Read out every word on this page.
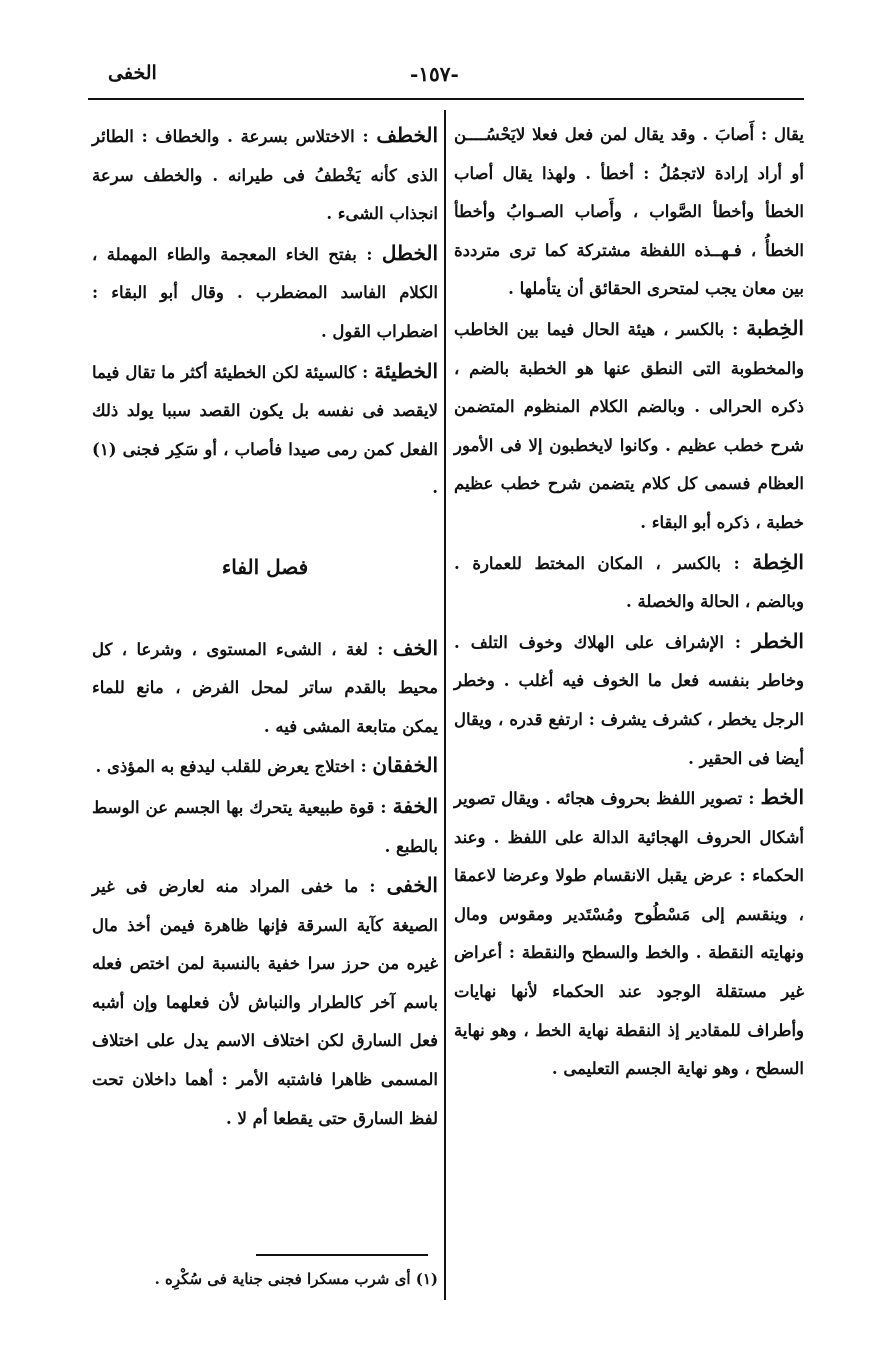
الخفى	-١٥٧-

يقال : أَصابَ . وقد يقال لمن فعل فعلا لايَحْسُــــن أو أراد إرادة لاتجمُلُ : أخطأ . ولهذا يقال أصاب الخطأ وأخطأ الصَّواب ، وأَصاب الصـوابُ وأخطأ الخطأُ ، فـهــذه اللفظة مشتركة كما ترى مترددة بين معان يجب لمتحرى الحقائق أن يتأملها .

الخِطبة : بالكسر ، هيئة الحال فيما بين الخاطب والمخطوبة التى النطق عنها هو الخطبة بالضم ، ذكره الحرالى . وبالضم الكلام المنظوم المتضمن شرح خطب عظيم . وكانوا لايخطبون إلا فى الأمور العظام فسمى كل كلام يتضمن شرح خطب عظيم خطبة ، ذكره أبو البقاء .

الخِطة : بالكسر ، المكان المختط للعمارة . وبالضم ، الحالة والخصلة .

الخطر : الإشراف على الهلاك وخوف التلف . وخاطر بنفسه فعل ما الخوف فيه أغلب . وخطر الرجل يخطر ، كشرف يشرف : ارتفع قدره ، ويقال أيضا فى الحقير .

الخط : تصوير اللفظ بحروف هجائه . ويقال تصوير أشكال الحروف الهجائية الدالة على اللفظ . وعند الحكماء : عرض يقبل الانقسام طولا وعرضا لاعمقا ، وينقسم إلى مَسْطُوح ومُسْتَدير ومقوس ومال ونهايته النقطة . والخط والسطح والنقطة : أعراض غير مستقلة الوجود عند الحكماء لأنها نهايات وأطراف للمقادير إذ النقطة نهاية الخط ، وهو نهاية السطح ، وهو نهاية الجسم التعليمى .

الخطف : الاختلاس بسرعة . والخطاف : الطائر الذى كأنه يَخْطفُ فى طيرانه . والخطف سرعة انجذاب الشىء .

الخطل : بفتح الخاء المعجمة والطاء المهملة ، الكلام الفاسد المضطرب . وقال أبو البقاء : اضطراب القول .

الخطيئة : كالسيئة لكن الخطيئة أكثر ما تقال فيما لايقصد فى نفسه بل يكون القصد سببا يولد ذلك الفعل كمن رمى صيدا فأصاب ، أو سَكِر فجنى (١) .

فصل الفاء

الخف : لغة ، الشىء المستوى ، وشرعا ، كل محيط بالقدم ساتر لمحل الفرض ، مانع للماء يمكن متابعة المشى فيه .

الخفقان : اختلاج يعرض للقلب ليدفع به المؤذى .

الخفة : قوة طبيعية يتحرك بها الجسم عن الوسط بالطبع .

الخفى : ما خفى المراد منه لعارض فى غير الصيغة كآية السرقة فإنها ظاهرة فيمن أخذ مال غيره من حرز سرا خفية بالنسبة لمن اختص فعله باسم آخر كالطرار والنباش لأن فعلهما وإن أشبه فعل السارق لكن اختلاف الاسم يدل على اختلاف المسمى ظاهرا فاشتبه الأمر : أهما داخلان تحت لفظ السارق حتى يقطعا أم لا .

(١) أى شرب مسكرا فجنى جناية فى سُكْرِه .
